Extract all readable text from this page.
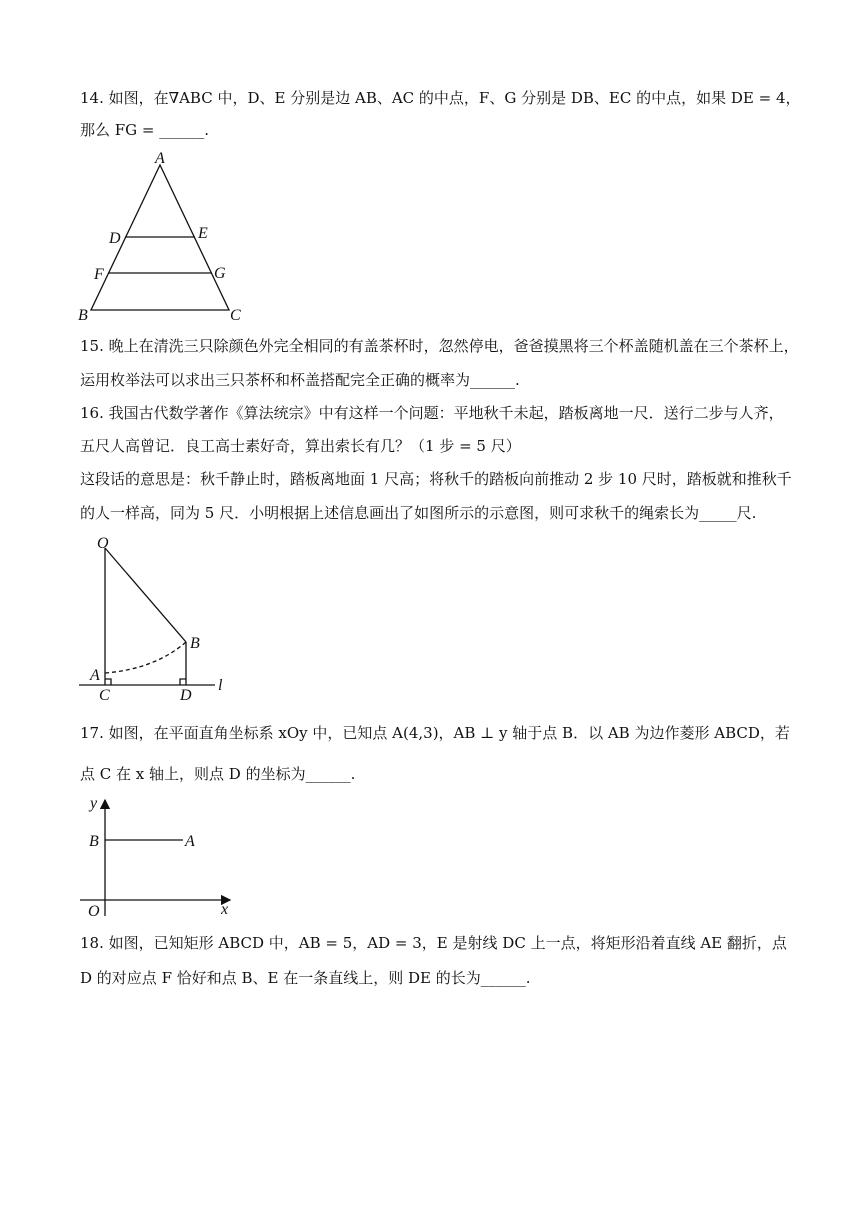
14. 如图，在∇ABC 中，D、E 分别是边 AB、AC 的中点，F、G 分别是 DB、EC 的中点，如果 DE = 4，
那么 FG = ______.
A
D	E
F	G
B	C
15. 晚上在清洗三只除颜色外完全相同的有盖茶杯时，忽然停电，爸爸摸黑将三个杯盖随机盖在三个茶杯上，
运用枚举法可以求出三只茶杯和杯盖搭配完全正确的概率为______.
16. 我国古代数学著作《算法统宗》中有这样一个问题：平地秋千未起，踏板离地一尺．送行二步与人齐，
五尺人高曾记．良工高士素好奇，算出索长有几？（1 步 = 5 尺）
这段话的意思是：秋千静止时，踏板离地面 1 尺高；将秋千的踏板向前推动 2 步 10 尺时，踏板就和推秋千
的人一样高，同为 5 尺．小明根据上述信息画出了如图所示的示意图，则可求秋千的绳索长为_____尺.
O
B
A
C	D
l
17. 如图，在平面直角坐标系 xOy 中，已知点 A(4,3)，AB ⊥ y 轴于点 B．以 AB 为边作菱形 ABCD，若
点 C 在 x 轴上，则点 D 的坐标为______.
y
B	A
O	x
18. 如图，已知矩形 ABCD 中，AB = 5，AD = 3，E 是射线 DC 上一点，将矩形沿着直线 AE 翻折，点
D 的对应点 F 恰好和点 B、E 在一条直线上，则 DE 的长为______.
